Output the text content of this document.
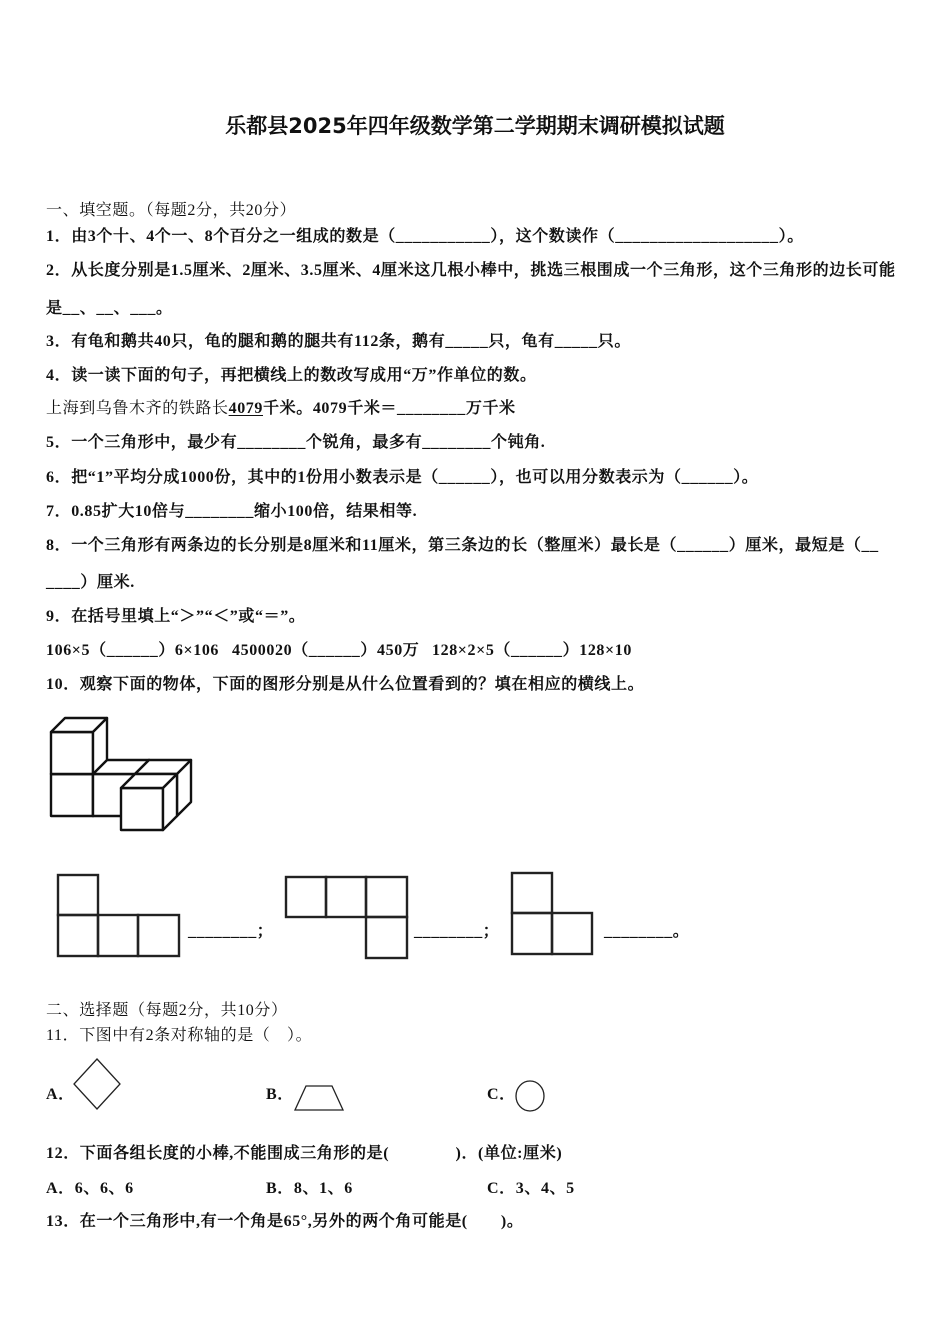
乐都县2025年四年级数学第二学期期末调研模拟试题
一、填空题。（每题2分，共20分）
1．由3个十、4个一、8个百分之一组成的数是（___________），这个数读作（___________________）。
2．从长度分别是1.5厘米、2厘米、3.5厘米、4厘米这几根小棒中，挑选三根围成一个三角形，这个三角形的边长可能
是__、__、___。
3．有龟和鹅共40只，龟的腿和鹅的腿共有112条，鹅有_____只，龟有_____只。
4．读一读下面的句子，再把横线上的数改写成用“万”作单位的数。
上海到乌鲁木齐的铁路长4079千米。4079千米＝________万千米
5．一个三角形中，最少有________个锐角，最多有________个钝角.
6．把“1”平均分成1000份，其中的1份用小数表示是（______），也可以用分数表示为（______）。
7．0.85扩大10倍与________缩小100倍，结果相等.
8．一个三角形有两条边的长分别是8厘米和11厘米，第三条边的长（整厘米）最长是（______）厘米，最短是（__
____）厘米.
9．在括号里填上“＞”“＜”或“＝”。
106×5（______）6×106 4500020（______）450万 128×2×5（______）128×10
10．观察下面的物体，下面的图形分别是从什么位置看到的？填在相应的横线上。
________；	________；	________。
二、选择题（每题2分，共10分）
11．下图中有2条对称轴的是（　）。
A．	B．	C．
12．下面各组长度的小棒,不能围成三角形的是(　　　　)．(单位:厘米)
A．6、6、6	B．8、1、6	C．3、4、5
13．在一个三角形中,有一个角是65°,另外的两个角可能是(　　)。
